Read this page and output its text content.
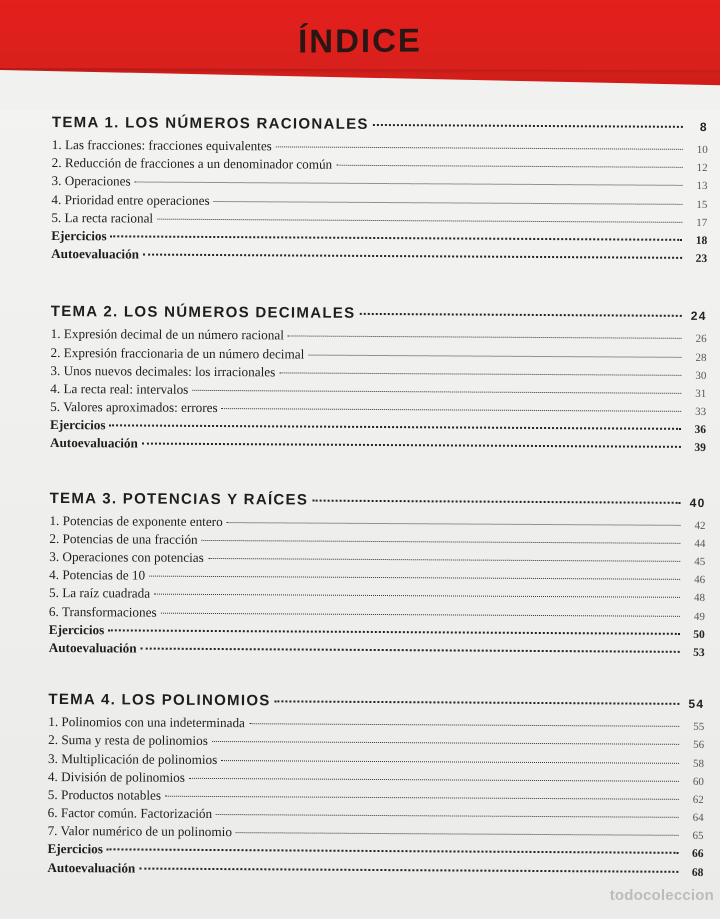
ÍNDICE
TEMA 1. LOS NÚMEROS RACIONALES	8
1. Las fracciones: fracciones equivalentes	10
2. Reducción de fracciones a un denominador común	12
3. Operaciones	13
4. Prioridad entre operaciones	15
5. La recta racional	17
Ejercicios	18
Autoevaluación	23
TEMA 2. LOS NÚMEROS DECIMALES	24
1. Expresión decimal de un número racional	26
2. Expresión fraccionaria de un número decimal	28
3. Unos nuevos decimales: los irracionales	30
4. La recta real: intervalos	31
5. Valores aproximados: errores	33
Ejercicios	36
Autoevaluación	39
TEMA 3. POTENCIAS Y RAÍCES	40
1. Potencias de exponente entero	42
2. Potencias de una fracción	44
3. Operaciones con potencias	45
4. Potencias de 10	46
5. La raíz cuadrada	48
6. Transformaciones	49
Ejercicios	50
Autoevaluación	53
TEMA 4. LOS POLINOMIOS	54
1. Polinomios con una indeterminada	55
2. Suma y resta de polinomios	56
3. Multiplicación de polinomios	58
4. División de polinomios	60
5. Productos notables	62
6. Factor común. Factorización	64
7. Valor numérico de un polinomio	65
Ejercicios	66
Autoevaluación	68
todocoleccion
